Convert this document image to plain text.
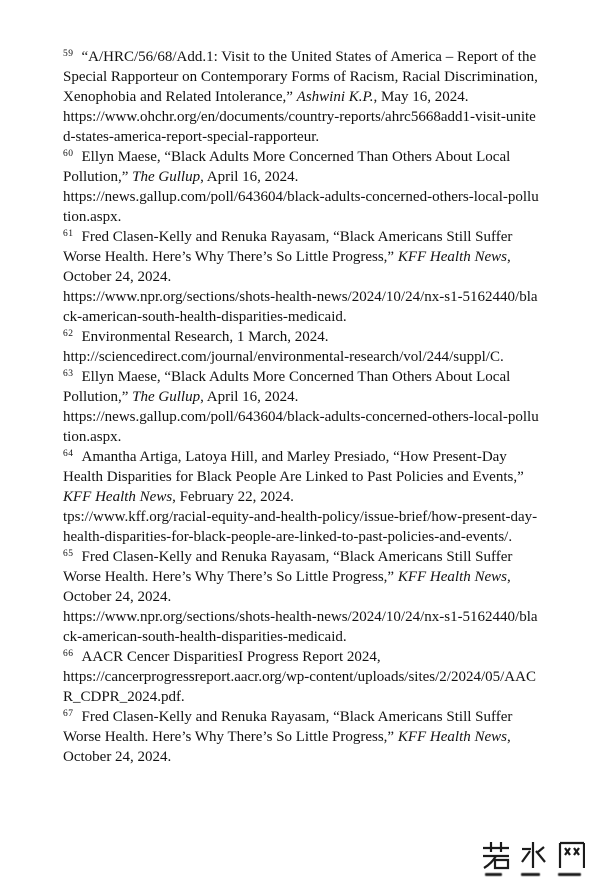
$^{59}$ “A/HRC/56/68/Add.1: Visit to the United States of America – Report of the Special Rapporteur on Contemporary Forms of Racism, Racial Discrimination, Xenophobia and Related Intolerance,” Ashwini K.P., May 16, 2024.
https://www.ohchr.org/en/documents/country-reports/ahrc5668add1-visit-united-states-america-report-special-rapporteur.
$^{60}$ Ellyn Maese, “Black Adults More Concerned Than Others About Local Pollution,” The Gullup, April 16, 2024.
https://news.gallup.com/poll/643604/black-adults-concerned-others-local-pollution.aspx.
$^{61}$ Fred Clasen-Kelly and Renuka Rayasam, “Black Americans Still Suffer Worse Health. Here’s Why There’s So Little Progress,” KFF Health News, October 24, 2024.
https://www.npr.org/sections/shots-health-news/2024/10/24/nx-s1-5162440/black-american-south-health-disparities-medicaid.
$^{62}$ Environmental Research, 1 March, 2024.
http://sciencedirect.com/journal/environmental-research/vol/244/suppl/C.
$^{63}$ Ellyn Maese, “Black Adults More Concerned Than Others About Local Pollution,” The Gullup, April 16, 2024.
https://news.gallup.com/poll/643604/black-adults-concerned-others-local-pollution.aspx.
$^{64}$ Amantha Artiga, Latoya Hill, and Marley Presiado, “How Present-Day Health Disparities for Black People Are Linked to Past Policies and Events,” KFF Health News, February 22, 2024.
tps://www.kff.org/racial-equity-and-health-policy/issue-brief/how-present-day-health-disparities-for-black-people-are-linked-to-past-policies-and-events/.
$^{65}$ Fred Clasen-Kelly and Renuka Rayasam, “Black Americans Still Suffer Worse Health. Here’s Why There’s So Little Progress,” KFF Health News, October 24, 2024.
https://www.npr.org/sections/shots-health-news/2024/10/24/nx-s1-5162440/black-american-south-health-disparities-medicaid.
$^{66}$ AACR Cencer DisparitiesI Progress Report 2024,
https://cancerprogressreport.aacr.org/wp-content/uploads/sites/2/2024/05/AACR_CDPR_2024.pdf.
$^{67}$ Fred Clasen-Kelly and Renuka Rayasam, “Black Americans Still Suffer Worse Health. Here’s Why There’s So Little Progress,” KFF Health News, October 24, 2024.
